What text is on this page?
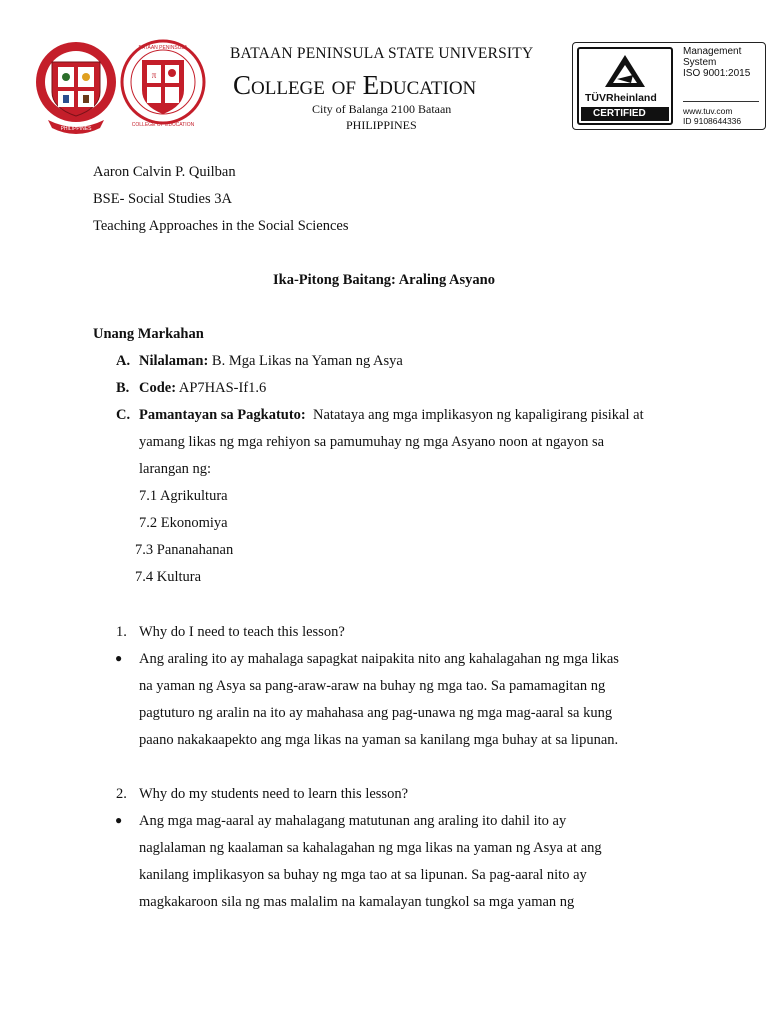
PHILIPPINES
π
BATAAN PENINSULA
COLLEGE OF EDUCATION
BATAAN PENINSULA STATE UNIVERSITY
College of Education
City of Balanga 2100 Bataan
PHILIPPINES
TÜVRheinland
CERTIFIED
Management
System
ISO 9001:2015
www.tuv.com
ID 9108644336
Aaron Calvin P. Quilban
BSE- Social Studies 3A
Teaching Approaches in the Social Sciences
Ika-Pitong Baitang: Araling Asyano
Unang Markahan
A. Nilalaman: B. Mga Likas na Yaman ng Asya
B. Code: AP7HAS-If1.6
C. Pamantayan sa Pagkatuto: Natataya ang mga implikasyon ng kapaligirang pisikal at
yamang likas ng mga rehiyon sa pamumuhay ng mga Asyano noon at ngayon sa
larangan ng:
7.1 Agrikultura
7.2 Ekonomiya
7.3 Pananahanan
7.4 Kultura
1. Why do I need to teach this lesson?
● Ang araling ito ay mahalaga sapagkat naipakita nito ang kahalagahan ng mga likas
na yaman ng Asya sa pang-araw-araw na buhay ng mga tao. Sa pamamagitan ng
pagtuturo ng aralin na ito ay mahahasa ang pag-unawa ng mga mag-aaral sa kung
paano nakakaapekto ang mga likas na yaman sa kanilang mga buhay at sa lipunan.
2. Why do my students need to learn this lesson?
● Ang mga mag-aaral ay mahalagang matutunan ang araling ito dahil ito ay
naglalaman ng kaalaman sa kahalagahan ng mga likas na yaman ng Asya at ang
kanilang implikasyon sa buhay ng mga tao at sa lipunan. Sa pag-aaral nito ay
magkakaroon sila ng mas malalim na kamalayan tungkol sa mga yaman ng
